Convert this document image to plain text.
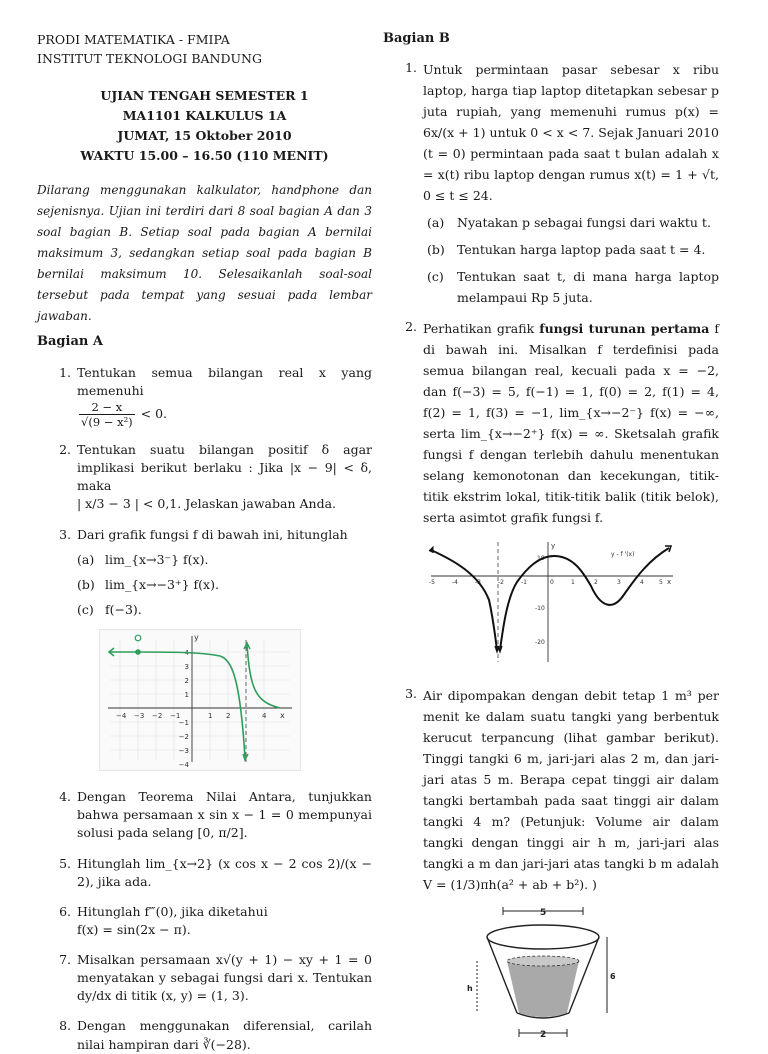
PRODI MATEMATIKA - FMIPA
INSTITUT TEKNOLOGI BANDUNG
UJIAN TENGAH SEMESTER 1
MA1101 KALKULUS 1A
JUMAT, 15 Oktober 2010
WAKTU 15.00 – 16.50 (110 MENIT)
Dilarang menggunakan kalkulator, handphone dan sejenisnya. Ujian ini terdiri dari 8 soal bagian A dan 3 soal bagian B. Setiap soal pada bagian A bernilai maksimum 3, sedangkan setiap soal pada bagian B bernilai maksimum 10. Selesaikanlah soal-soal tersebut pada tempat yang sesuai pada lembar jawaban.
Bagian A
1. Tentukan semua bilangan real x yang memenuhi

$\frac{2 - x}{\text{√(9 − x²)}} < 0$.
2. Tentukan suatu bilangan positif δ agar implikasi berikut berlaku : Jika |x − 9| < δ, maka
| x/3 − 3 | < 0,1. Jelaskan jawaban Anda.
3. Dari grafik fungsi f di bawah ini, hitunglah
(a) lim_{x→3⁻} f(x).
(b) lim_{x→−3⁺} f(x).
(c) f(−3).
y
x
−4 −3 −2 −1	1 2	4
4
3
2
1
−1
−2
−3
−4
4. Dengan Teorema Nilai Antara, tunjukkan bahwa persamaan x sin x − 1 = 0 mempunyai solusi pada selang [0, π/2].
5. Hitunglah lim_{x→2} (x cos x − 2 cos 2)/(x − 2), jika ada.
6. Hitunglah f‴(0), jika diketahui
f(x) = sin(2x − π).
7. Misalkan persamaan x√(y + 1) − xy + 1 = 0 menyatakan y sebagai fungsi dari x. Tentukan dy/dx di titik (x, y) = (1, 3).
8. Dengan menggunakan diferensial, carilah nilai hampiran dari ∛(−28).
Bagian B
1. Untuk permintaan pasar sebesar x ribu laptop, harga tiap laptop ditetapkan sebesar p juta rupiah, yang memenuhi rumus p(x) = 6x/(x + 1) untuk 0 < x < 7. Sejak Januari 2010 (t = 0) permintaan pada saat t bulan adalah x = x(t) ribu laptop dengan rumus x(t) = 1 + √t, 0 ≤ t ≤ 24.
(a)	Nyatakan p sebagai fungsi dari waktu t.
(b) Tentukan harga laptop pada saat t = 4.
(c)	Tentukan saat t, di mana harga laptop melampaui Rp 5 juta.
2. Perhatikan grafik fungsi turunan pertama f di bawah ini. Misalkan f terdefinisi pada semua bilangan real, kecuali pada x = −2, dan f(−3) = 5, f(−1) = 1, f(0) = 2, f(1) = 4, f(2) = 1, f(3) = −1, lim_{x→−2⁻} f(x) = −∞, serta lim_{x→−2⁺} f(x) = ∞. Sketsalah grafik fungsi f dengan terlebih dahulu menentukan selang kemonotonan dan kecekungan, titik-titik ekstrim lokal, titik-titik balik (titik belok), serta asimtot grafik fungsi f.
y
x
-5	-4	-3	-2	-1	0	1	2	3	4	5
10
-10
-20
y - f '(x)
3. Air dipompakan dengan debit tetap 1 m³ per menit ke dalam suatu tangki yang berbentuk kerucut terpancung (lihat gambar berikut). Tinggi tangki 6 m, jari-jari alas 2 m, dan jari-jari atas 5 m. Berapa cepat tinggi air dalam tangki bertambah pada saat tinggi air dalam tangki 4 m? (Petunjuk: Volume air dalam tangki dengan tinggi air h m, jari-jari alas tangki a m dan jari-jari atas tangki b m adalah V = (1/3)πh(a² + ab + b²). )
5
6
h
2
